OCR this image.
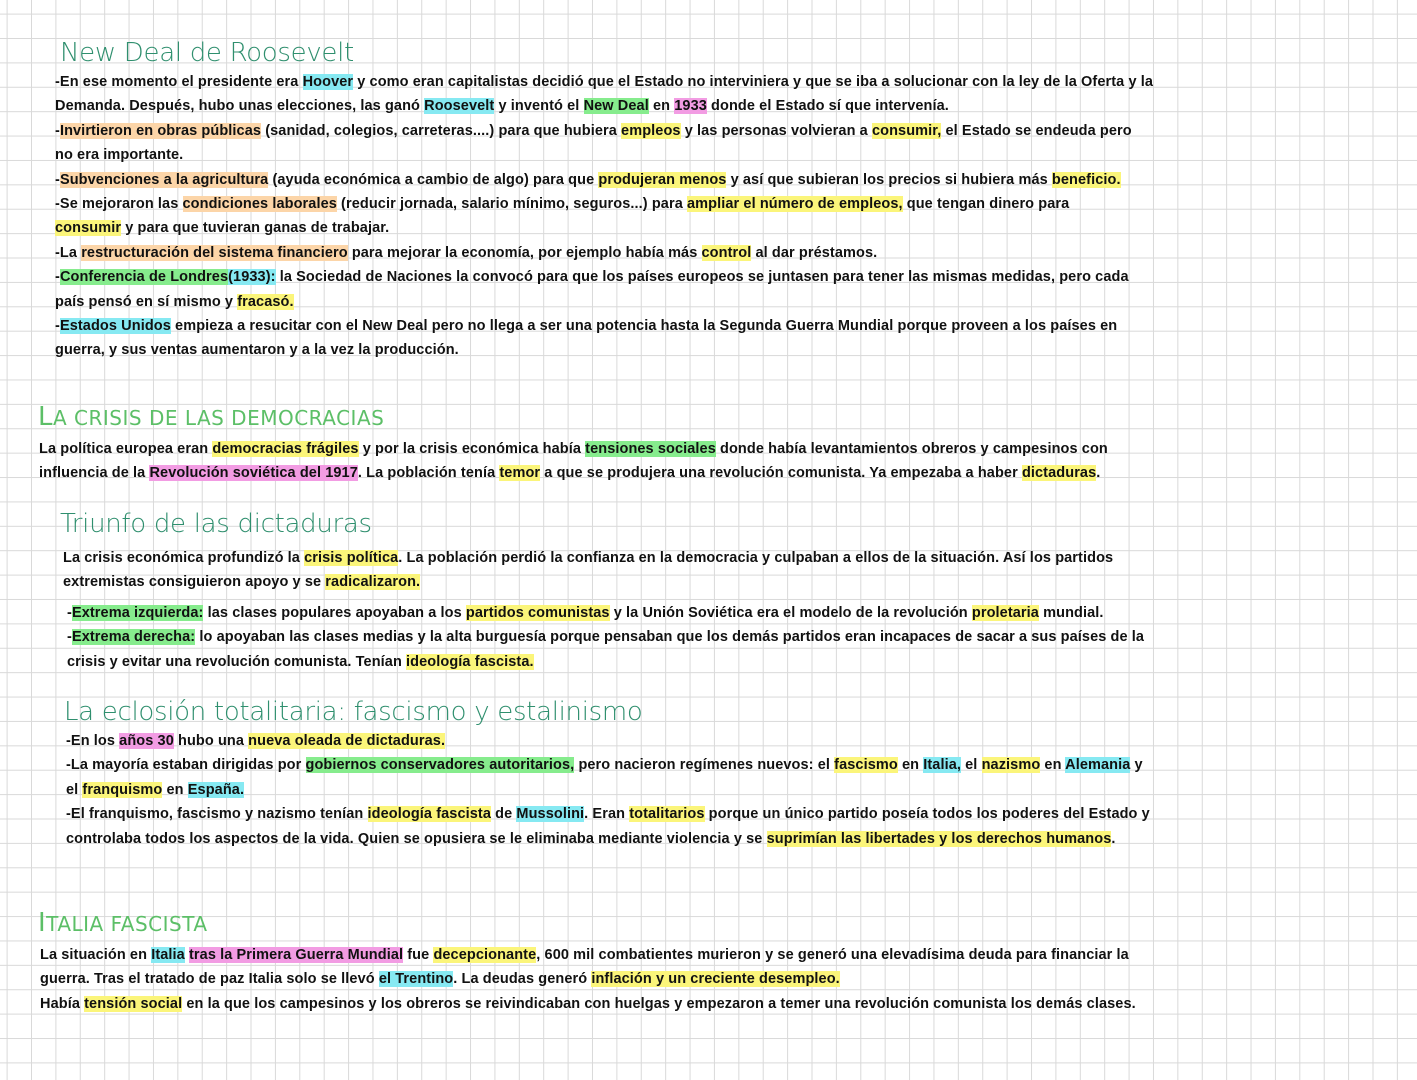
New Deal de Roosevelt
-En ese momento el presidente era Hoover y como eran capitalistas decidió que el Estado no interviniera y que se iba a solucionar con la ley de la Oferta y la
Demanda. Después, hubo unas elecciones, las ganó Roosevelt y inventó el New Deal en 1933 donde el Estado sí que intervenía.
-Invirtieron en obras públicas (sanidad, colegios, carreteras....) para que hubiera empleos y las personas volvieran a consumir, el Estado se endeuda pero
no era importante.
-Subvenciones a la agricultura (ayuda económica a cambio de algo) para que produjeran menos y así que subieran los precios si hubiera más beneficio.
-Se mejoraron las condiciones laborales (reducir jornada, salario mínimo, seguros...) para ampliar el número de empleos, que tengan dinero para
consumir y para que tuvieran ganas de trabajar.
-La restructuración del sistema financiero para mejorar la economía, por ejemplo había más control al dar préstamos.
-Conferencia de Londres(1933): la Sociedad de Naciones la convocó para que los países europeos se juntasen para tener las mismas medidas, pero cada
país pensó en sí mismo y fracasó.
-Estados Unidos empieza a resucitar con el New Deal pero no llega a ser una potencia hasta la Segunda Guerra Mundial porque proveen a los países en
guerra, y sus ventas aumentaron y a la vez la producción.
LA CRISIS DE LAS DEMOCRACIAS
La política europea eran democracias frágiles y por la crisis económica había tensiones sociales donde había levantamientos obreros y campesinos con
influencia de la Revolución soviética del 1917. La población tenía temor a que se produjera una revolución comunista. Ya empezaba a haber dictaduras.
Triunfo de las dictaduras
La crisis económica profundizó la crisis política. La población perdió la confianza en la democracia y culpaban a ellos de la situación. Así los partidos
extremistas consiguieron apoyo y se radicalizaron.
-Extrema izquierda: las clases populares apoyaban a los partidos comunistas y la Unión Soviética era el modelo de la revolución proletaria mundial.
-Extrema derecha: lo apoyaban las clases medias y la alta burguesía porque pensaban que los demás partidos eran incapaces de sacar a sus países de la
crisis y evitar una revolución comunista. Tenían ideología fascista.
La eclosión totalitaria: fascismo y estalinismo
-En los años 30 hubo una nueva oleada de dictaduras.
-La mayoría estaban dirigidas por gobiernos conservadores autoritarios, pero nacieron regímenes nuevos: el fascismo en Italia, el nazismo en Alemania y
el franquismo en España.
-El franquismo, fascismo y nazismo tenían ideología fascista de Mussolini. Eran totalitarios porque un único partido poseía todos los poderes del Estado y
controlaba todos los aspectos de la vida. Quien se opusiera se le eliminaba mediante violencia y se suprimían las libertades y los derechos humanos.
ITALIA FASCISTA
La situación en Italia tras la Primera Guerra Mundial fue decepcionante, 600 mil combatientes murieron y se generó una elevadísima deuda para financiar la
guerra. Tras el tratado de paz Italia solo se llevó el Trentino. La deudas generó inflación y un creciente desempleo.
Había tensión social en la que los campesinos y los obreros se reivindicaban con huelgas y empezaron a temer una revolución comunista los demás clases.
